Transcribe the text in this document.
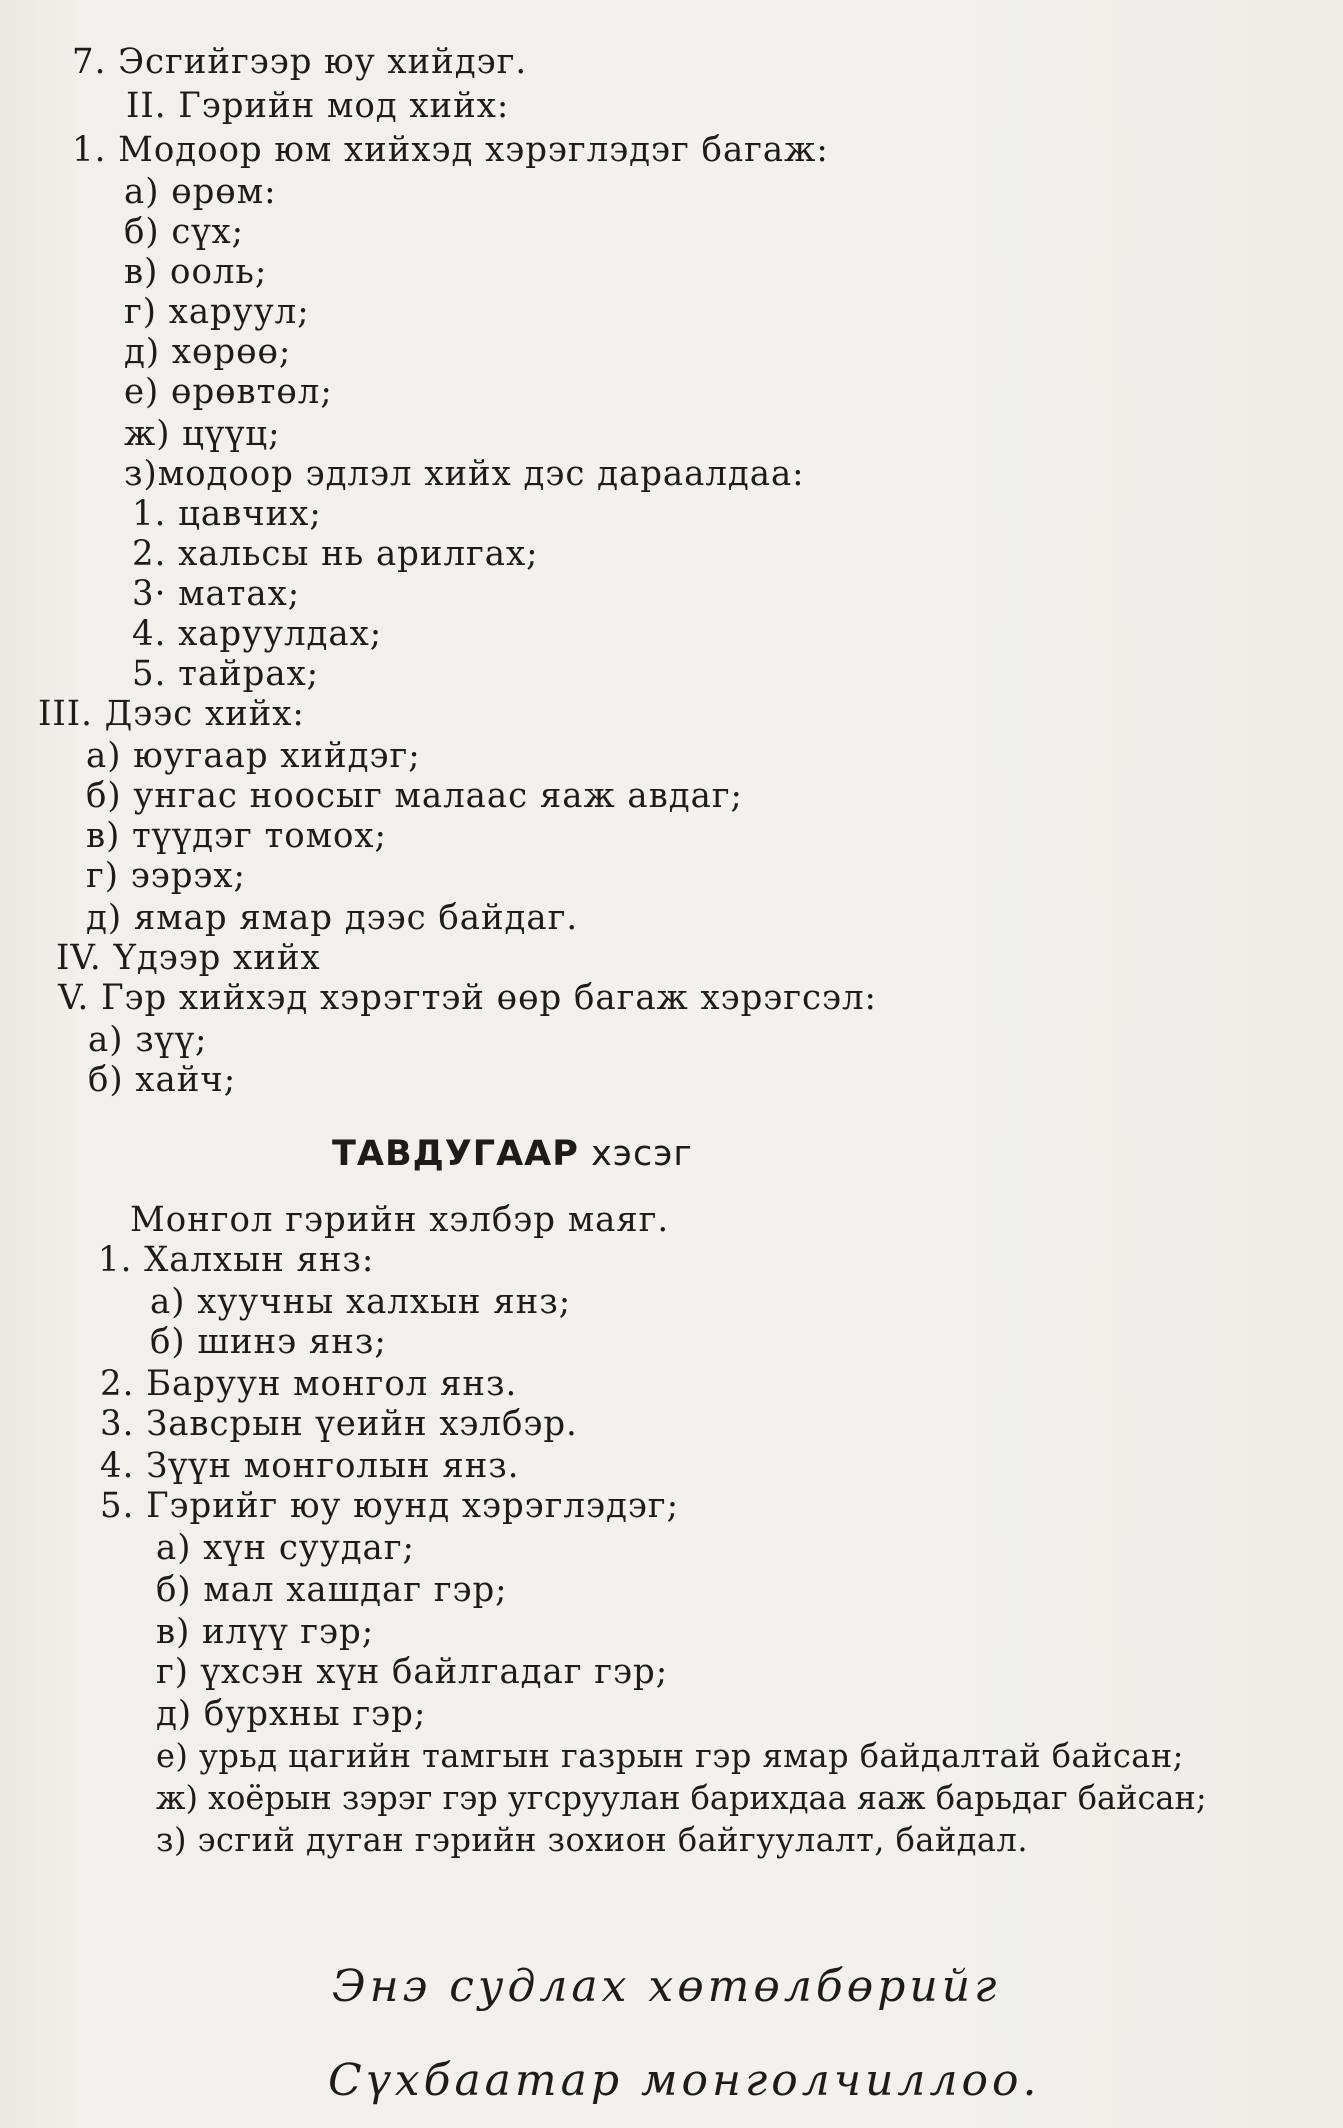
7. Эсгийгээр юу хийдэг.
II. Гэрийн мод хийх:
1. Модоор юм хийхэд хэрэглэдэг багаж:
а) өрөм:
б) сүх;
в) ооль;
г) харуул;
д) хөрөө;
е) өрөвтөл;
ж) цүүц;
з)модоор эдлэл хийх дэс дараалдаа:
1. цавчих;
2. хальсы нь арилгах;
3· матах;
4. харуулдах;
5. тайрах;
III. Дээс хийх:
а) юугаар хийдэг;
б) унгас ноосыг малаас яаж авдаг;
в) түүдэг томох;
г) ээрэх;
д) ямар ямар дээс байдаг.
IV. Үдээр хийх
V. Гэр хийхэд хэрэгтэй өөр багаж хэрэгсэл:
а) зүү;
б) хайч;
ТАВДУГААР хэсэг
Монгол гэрийн хэлбэр маяг.
1. Халхын янз:
а) хуучны халхын янз;
б) шинэ янз;
2. Баруун монгол янз.
3. Завсрын үеийн хэлбэр.
4. Зүүн монголын янз.
5. Гэрийг юу юунд хэрэглэдэг;
а) хүн суудаг;
б) мал хашдаг гэр;
в) илүү гэр;
г) үхсэн хүн байлгадаг гэр;
д) бурхны гэр;
е) урьд цагийн тамгын газрын гэр ямар байдалтай байсан;
ж) хоёрын зэрэг гэр угсруулан барихдаа яаж барьдаг байсан;
з) эсгий дуган гэрийн зохион байгуулалт, байдал.
Энэ судлах хөтөлбөрийг
Сүхбаатар монголчиллоо.
